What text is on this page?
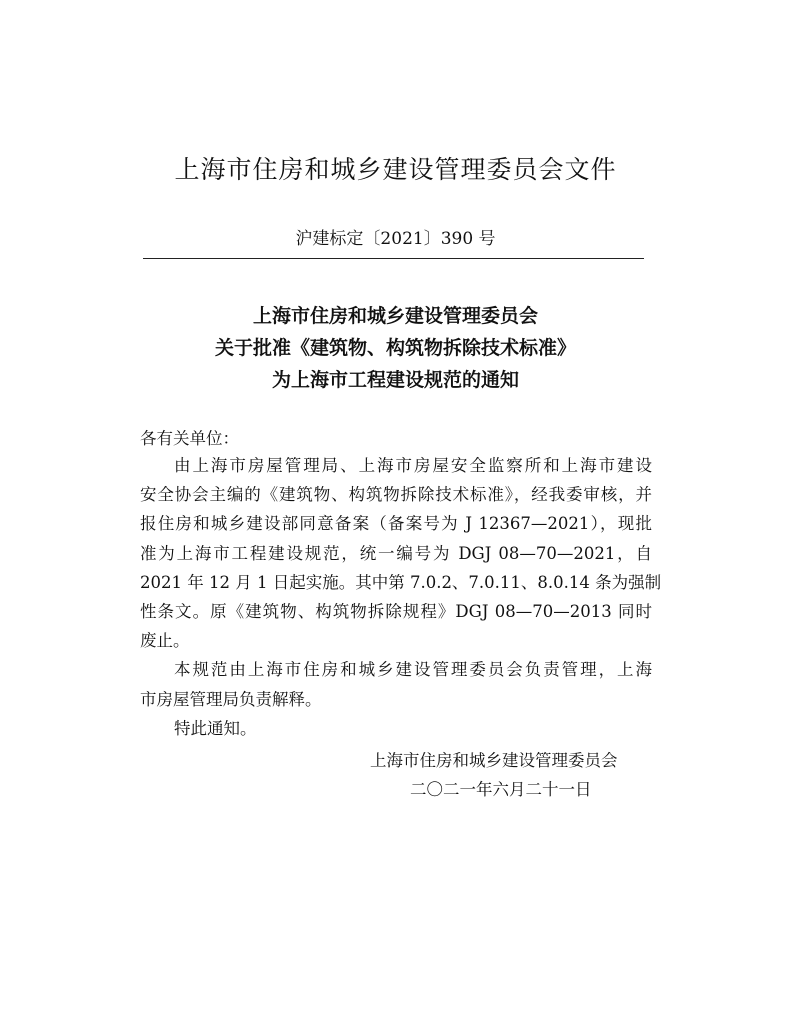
上海市住房和城乡建设管理委员会文件
沪建标定〔2021〕390 号
上海市住房和城乡建设管理委员会
关于批准《建筑物、构筑物拆除技术标准》
为上海市工程建设规范的通知
各有关单位：
由上海市房屋管理局、上海市房屋安全监察所和上海市建设
安全协会主编的《建筑物、构筑物拆除技术标准》，经我委审核，并
报住房和城乡建设部同意备案（备案号为 J 12367—2021），现批
准为上海市工程建设规范，统一编号为 DGJ 08—70—2021，自
2021 年 12 月 1 日起实施。其中第 7.0.2、7.0.11、8.0.14 条为强制
性条文。原《建筑物、构筑物拆除规程》DGJ 08—70—2013 同时
废止。
本规范由上海市住房和城乡建设管理委员会负责管理，上海
市房屋管理局负责解释。
特此通知。
上海市住房和城乡建设管理委员会
二〇二一年六月二十一日
